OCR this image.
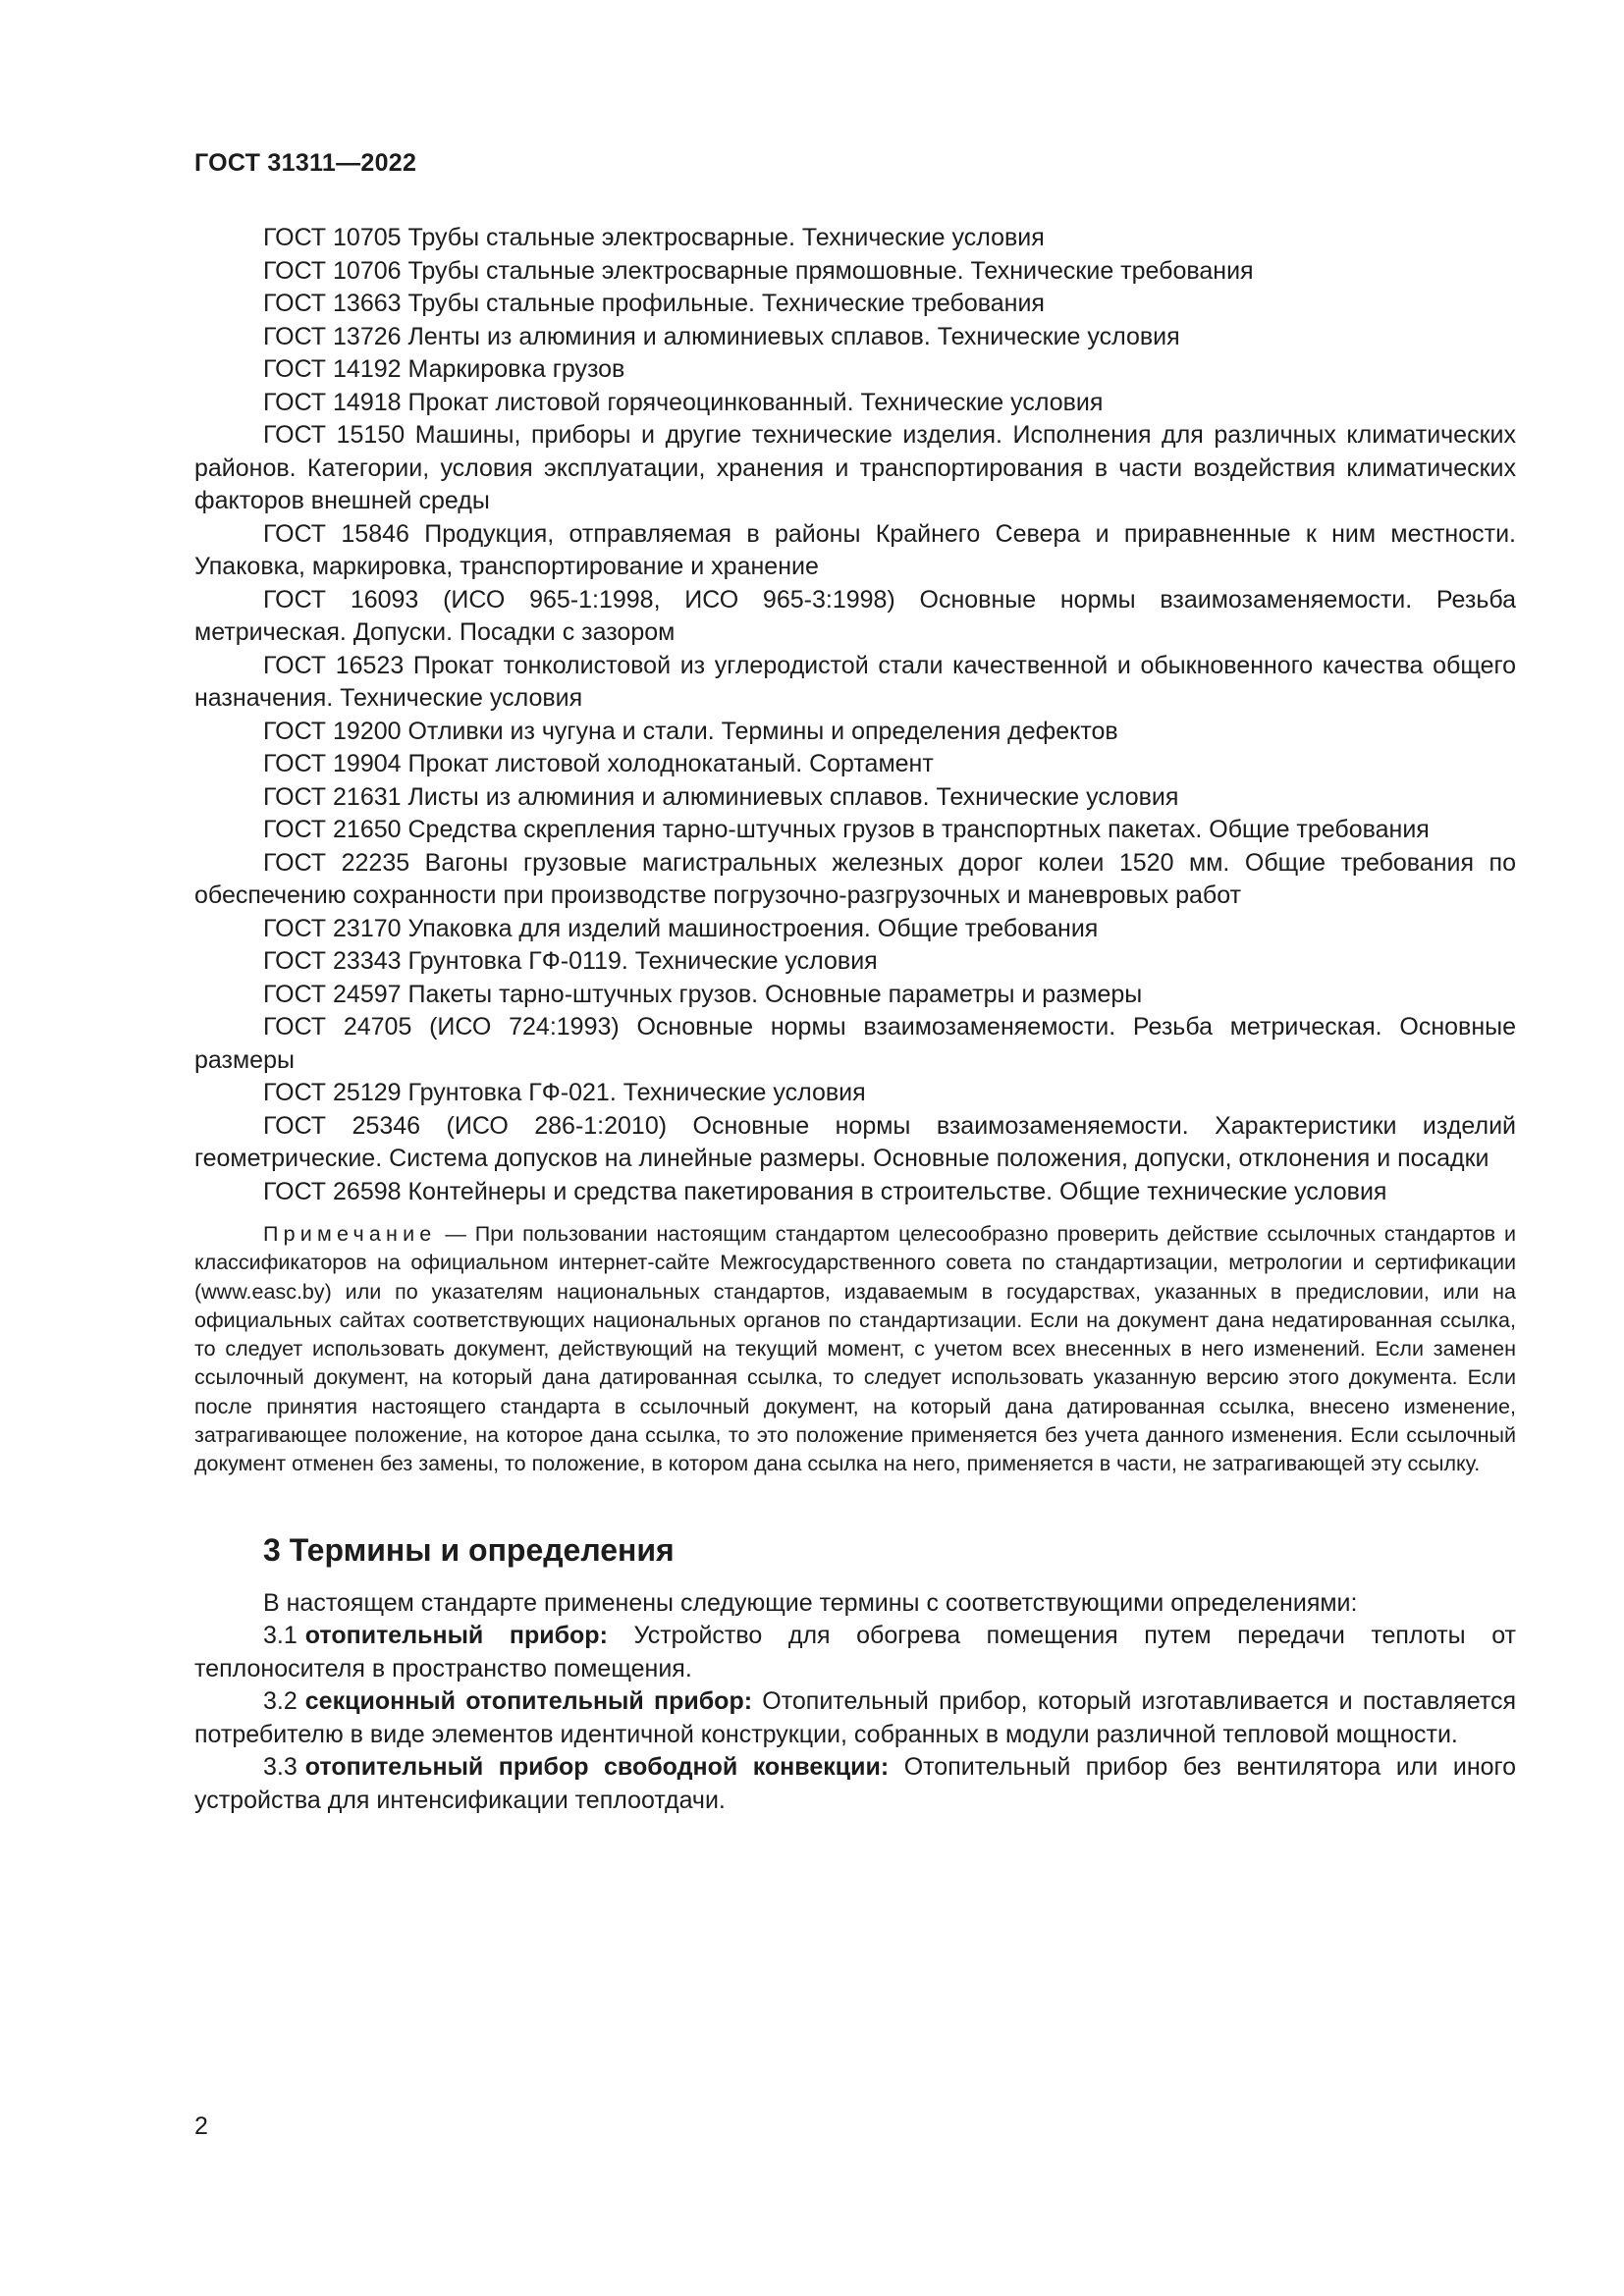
ГОСТ 31311—2022

ГОСТ 10705 Трубы стальные электросварные. Технические условия

ГОСТ 10706 Трубы стальные электросварные прямошовные. Технические требования

ГОСТ 13663 Трубы стальные профильные. Технические требования

ГОСТ 13726 Ленты из алюминия и алюминиевых сплавов. Технические условия

ГОСТ 14192 Маркировка грузов

ГОСТ 14918 Прокат листовой горячеоцинкованный. Технические условия

ГОСТ 15150 Машины, приборы и другие технические изделия. Исполнения для различных климатических районов. Категории, условия эксплуатации, хранения и транспортирования в части воздействия климатических факторов внешней среды

ГОСТ 15846 Продукция, отправляемая в районы Крайнего Севера и приравненные к ним местности. Упаковка, маркировка, транспортирование и хранение

ГОСТ 16093 (ИСО 965-1:1998, ИСО 965-3:1998) Основные нормы взаимозаменяемости. Резьба метрическая. Допуски. Посадки с зазором

ГОСТ 16523 Прокат тонколистовой из углеродистой стали качественной и обыкновенного качества общего назначения. Технические условия

ГОСТ 19200 Отливки из чугуна и стали. Термины и определения дефектов

ГОСТ 19904 Прокат листовой холоднокатаный. Сортамент

ГОСТ 21631 Листы из алюминия и алюминиевых сплавов. Технические условия

ГОСТ 21650 Средства скрепления тарно-штучных грузов в транспортных пакетах. Общие требования

ГОСТ 22235 Вагоны грузовые магистральных железных дорог колеи 1520 мм. Общие требования по обеспечению сохранности при производстве погрузочно-разгрузочных и маневровых работ

ГОСТ 23170 Упаковка для изделий машиностроения. Общие требования

ГОСТ 23343 Грунтовка ГФ-0119. Технические условия

ГОСТ 24597 Пакеты тарно-штучных грузов. Основные параметры и размеры

ГОСТ 24705 (ИСО 724:1993) Основные нормы взаимозаменяемости. Резьба метрическая. Основные размеры

ГОСТ 25129 Грунтовка ГФ-021. Технические условия

ГОСТ 25346 (ИСО 286-1:2010) Основные нормы взаимозаменяемости. Характеристики изделий геометрические. Система допусков на линейные размеры. Основные положения, допуски, отклонения и посадки

ГОСТ 26598 Контейнеры и средства пакетирования в строительстве. Общие технические условия

Примечание — При пользовании настоящим стандартом целесообразно проверить действие ссылочных стандартов и классификаторов на официальном интернет-сайте Межгосударственного совета по стандартизации, метрологии и сертификации (www.easc.by) или по указателям национальных стандартов, издаваемым в государствах, указанных в предисловии, или на официальных сайтах соответствующих национальных органов по стандартизации. Если на документ дана недатированная ссылка, то следует использовать документ, действующий на текущий момент, с учетом всех внесенных в него изменений. Если заменен ссылочный документ, на который дана датированная ссылка, то следует использовать указанную версию этого документа. Если после принятия настоящего стандарта в ссылочный документ, на который дана датированная ссылка, внесено изменение, затрагивающее положение, на которое дана ссылка, то это положение применяется без учета данного изменения. Если ссылочный документ отменен без замены, то положение, в котором дана ссылка на него, применяется в части, не затрагивающей эту ссылку.

3 Термины и определения

В настоящем стандарте применены следующие термины с соответствующими определениями:

3.1 отопительный прибор: Устройство для обогрева помещения путем передачи теплоты от теплоносителя в пространство помещения.

3.2 секционный отопительный прибор: Отопительный прибор, который изготавливается и поставляется потребителю в виде элементов идентичной конструкции, собранных в модули различной тепловой мощности.

3.3 отопительный прибор свободной конвекции: Отопительный прибор без вентилятора или иного устройства для интенсификации теплоотдачи.

2
